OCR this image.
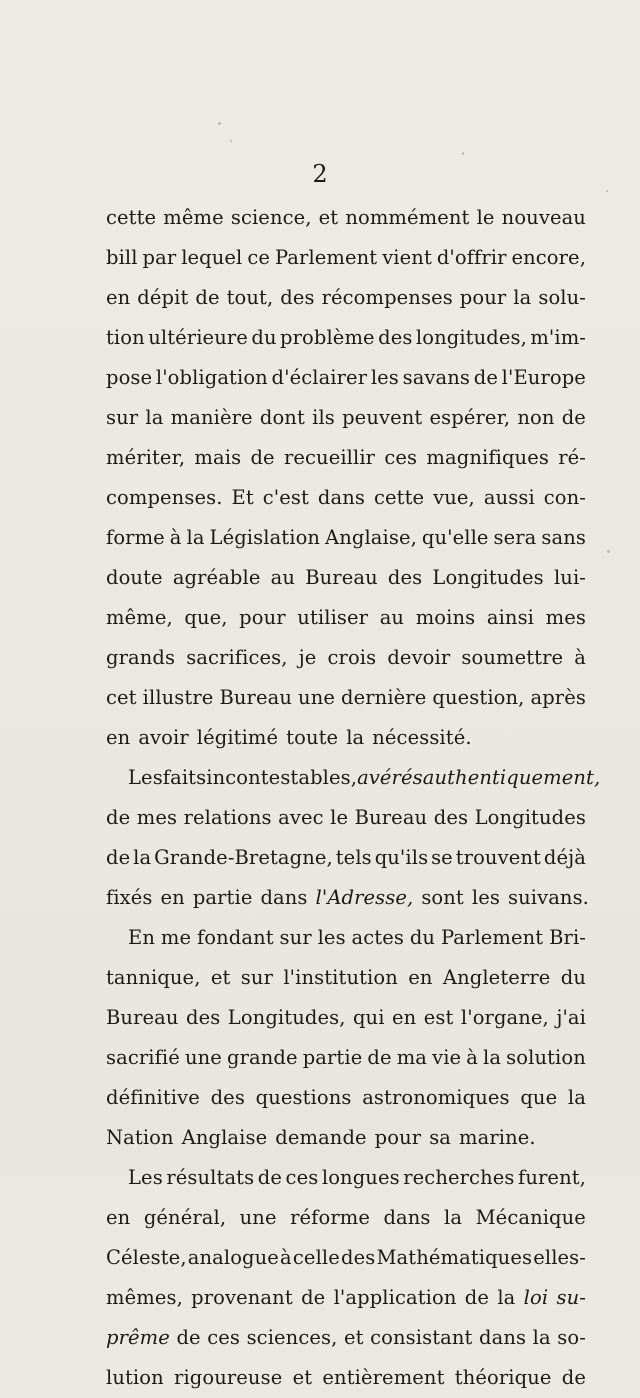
2
cette même science, et nommément le nouveau
bill par lequel ce Parlement vient d'offrir encore,
en dépit de tout, des récompenses pour la solu-
tion ultérieure du problème des longitudes, m'im-
pose l'obligation d'éclairer les savans de l'Europe
sur la manière dont ils peuvent espérer, non de
mériter, mais de recueillir ces magnifiques ré-
compenses. Et c'est dans cette vue, aussi con-
forme à la Législation Anglaise, qu'elle sera sans
doute agréable au Bureau des Longitudes lui-
même, que, pour utiliser au moins ainsi mes
grands sacrifices, je crois devoir soumettre à
cet illustre Bureau une dernière question, après
en avoir légitimé toute la nécessité.
Les faits incontestables, avérés authentiquement,
de mes relations avec le Bureau des Longitudes
de la Grande-Bretagne, tels qu'ils se trouvent déjà
fixés en partie dans l'Adresse, sont les suivans.
En me fondant sur les actes du Parlement Bri-
tannique, et sur l'institution en Angleterre du
Bureau des Longitudes, qui en est l'organe, j'ai
sacrifié une grande partie de ma vie à la solution
définitive des questions astronomiques que la
Nation Anglaise demande pour sa marine.
Les résultats de ces longues recherches furent,
en général, une réforme dans la Mécanique
Céleste, analogue à celle des Mathématiques elles-
mêmes, provenant de l'application de la loi su-
prême de ces sciences, et consistant dans la so-
lution rigoureuse et entièrement théorique de
